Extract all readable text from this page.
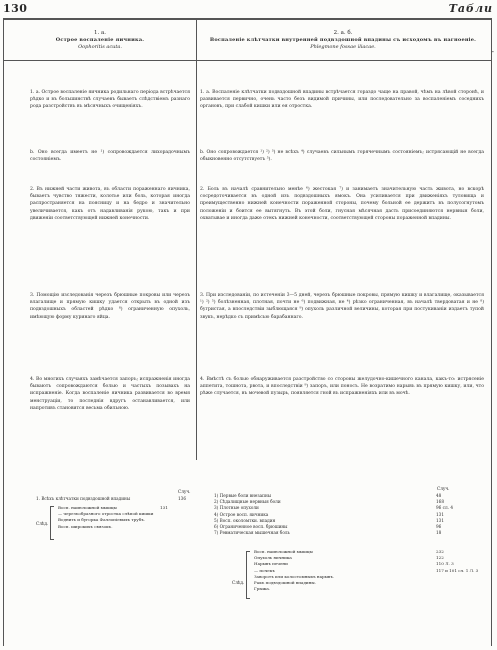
130	Табли
-
1. a.
Острое воспаленіе яичника.
Oophoritis acuta.
2. a. б.
Воспаленіе клѣтчатки внутренней подвздошной впадины съ исходомъ въ нагноеніе.
Phlegmone fossae iliacae.

1. а. Острое воспаленіе яичника родильнаго періода встрѣчается рѣдко и въ большинствѣ случаевъ бываетъ слѣдствіемъ разнаго рода разстройствъ въ мѣсячныхъ очищеніяхъ.

1. а. Воспаленіе клѣтчатки подвздошной впадины встрѣчается гораздо чаще на правой, чѣмъ на лѣвой сторонѣ, и развивается первично, очень часто безъ видимой причины, или последовательно за воспаленіемъ соседнихъ органовъ, при слабой кишки или ея отростка.

b. Оно всегда имеетъ не ¹) сопровождается лихорадочнымъ состояніемъ.

b. Оно сопровождается ¹) ²) ³) не всѣхъ ⁴) случаевъ сильнымъ горячечнымъ состояніемъ; истрясающій не всегда обыкновенно отсутствуетъ ⁵).

2. Въ нижней части живота, въ области пораженнаго яичника, бываетъ чувство тяжести, колотье или боль, которая иногда распространяется на поясницу и на бедро и значительно увеличивается, какъ отъ надавливанія рукою, такъ и при движеніи соответствующей нижней конечности.

2. Боль въ началѣ сравнительно менѣе ⁶) жестокая ⁷) и занимаетъ значительную часть живота, но вскорѣ сосредоточивается въ одной изъ подвздошныхъ ямокъ. Она усиливается при движеніяхъ туловища и преимущественно нижней конечности пораженной стороны, почему больной ее держитъ въ полусогнутомъ положеніи и боится ее вытягнуть. Въ этой боли, гнусная мѣсячная дасть присоединяются нервныя боли, охватывае и иногда даже отекъ нижней конечности, соответствующей стороны пораженной впадины.

3. Помощію изследованія черезъ брюшные покровы или черезъ влагалище и прямую кишку удается открыть въ одной изъ подвздошныхъ областей рѣдко ⁸) ограниченную опухоль, имѣющую форму куринаго яйца.

3. При изследованіи, по истеченіи 3—5 дней, черезъ брюшные покровы, прямую кишку и влагалище, оказывается ¹) ²) ⁵) болѣзненная, плотная, почти не ⁶) подвижная, не ⁴) рѣзко ограниченная, въ началѣ твердоватая и не ⁸) бугристая, а впоследствіи зыблющаяся ⁹) опухоль различной величины, которая при постукиваніи издаетъ тупой звукъ, нерѣдко съ примѣсью барабаннаго.

4. Во многихъ случаяхъ замѣчается запоръ; испражненія иногда бываютъ сопровождаются болью и частыхъ позывахъ на испражненіе. Когда воспаленіе яичника развивается во время менструаціи, то последнія вдругъ останавливается, или напротивъ становится весьма обильною.

4. Вмѣстѣ съ болью обнаруживается разстройство со стороны желудочно-кишечного канала, какъ-то: истрясеніе аппетита, тошнота, рвота, и впоследствіи ⁹) запоръ, или поносъ. Не возратимо нарывъ въ прямую кишку, или, что рѣже случается, въ мочевой пузырь, появляется гной въ испражненіяхъ или въ мочѣ.

Случ.
1. Всѣхъ клѣтчатки подвздошной впадины	136
Слѣд.
Восп. наиюложной мышцы	131
— черезъобразного отростка слѣпой кишки
Воднить и бугорка Фаллопіевыхъ трубъ.
Восп. широкихъ связокъ.
Случ.
1) Первые боли внезапны	48
2) Сѣдалищные нервныя боли	168
3) Плотные опухоли	96 сл. 4
4) Острое восп. яичника	131
5) Восп. околомтки. впадин	131
6) Ограниченное восп. брюшины	96
7) Ревматическая мышечная боль	18
Слѣд.
Восп. наиюложной мышцы	232
Опухоль яичника	122
Нарывъ печени	110 Л. 3
— почекъ	117 и 101 сл. 1 Л. 3
Заворотъ или колостомныхъ нарывъ.
Ракъ подвздошной впадины.
Грыжа.
